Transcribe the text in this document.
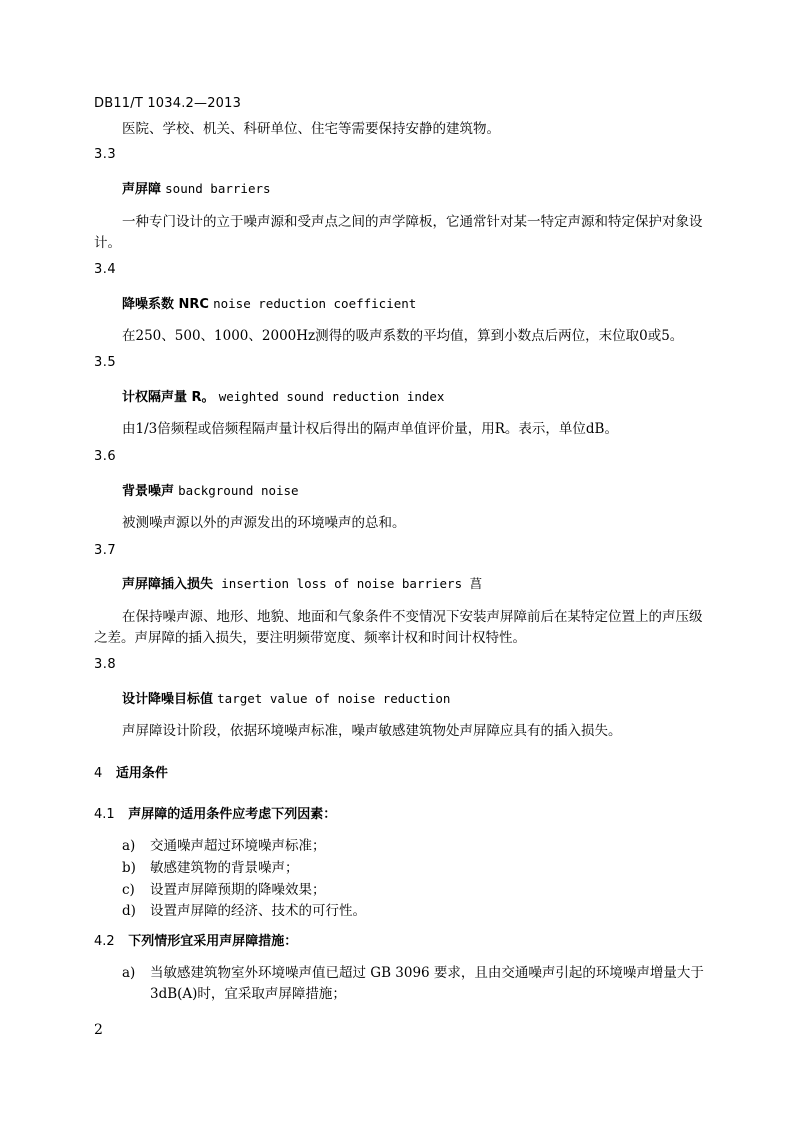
DB11/T 1034.2—2013
医院、学校、机关、科研单位、住宅等需要保持安静的建筑物。
3.3
声屏障 sound barriers
一种专门设计的立于噪声源和受声点之间的声学障板，它通常针对某一特定声源和特定保护对象设
计。
3.4
降噪系数 NRC noise reduction coefficient
在250、500、1000、2000Hz测得的吸声系数的平均值，算到小数点后两位，末位取0或5。
3.5
计权隔声量 R。 weighted sound reduction index
由1/3倍频程或倍频程隔声量计权后得出的隔声单值评价量，用R。表示，单位dB。
3.6
背景噪声 background noise
被测噪声源以外的声源发出的环境噪声的总和。
3.7
声屏障插入损失 insertion loss of noise barriers 菖
在保持噪声源、地形、地貌、地面和气象条件不变情况下安装声屏障前后在某特定位置上的声压级
之差。声屏障的插入损失，要注明频带宽度、频率计权和时间计权特性。
3.8
设计降噪目标值 target value of noise reduction
声屏障设计阶段，依据环境噪声标准，噪声敏感建筑物处声屏障应具有的插入损失。
4 适用条件
4.1 声屏障的适用条件应考虑下列因素：
a) 交通噪声超过环境噪声标准；
b) 敏感建筑物的背景噪声；
c) 设置声屏障预期的降噪效果；
d) 设置声屏障的经济、技术的可行性。
4.2 下列情形宜采用声屏障措施：
a) 当敏感建筑物室外环境噪声值已超过 GB 3096 要求，且由交通噪声引起的环境噪声增量大于
3dB(A)时，宜采取声屏障措施；
2
